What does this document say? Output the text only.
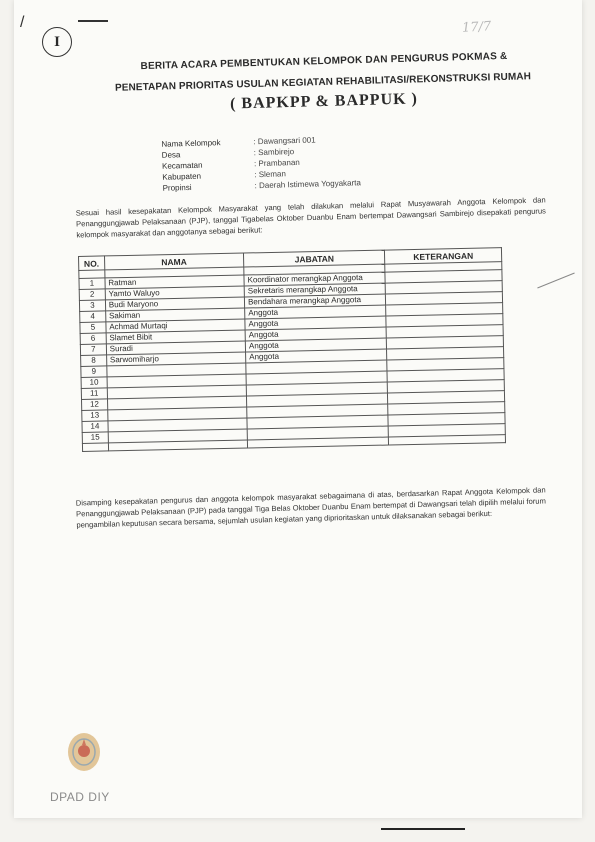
/
I
17/7
BERITA ACARA PEMBENTUKAN KELOMPOK DAN PENGURUS POKMAS &
PENETAPAN PRIORITAS USULAN KEGIATAN REHABILITASI/REKONSTRUKSI RUMAH
( BAPKPP & BAPPUK )
Nama Kelompok	: Dawangsari 001
Desa	: Sambirejo
Kecamatan	: Prambanan
Kabupaten	: Sleman
Propinsi	: Daerah Istimewa Yogyakarta
Sesuai hasil kesepakatan Kelompok Masyarakat yang telah dilakukan melalui Rapat Musyawarah Anggota Kelompok dan Penanggungjawab Pelaksanaan (PJP), tanggal Tigabelas Oktober Duanbu Enam bertempat Dawangsari Sambirejo disepakati pengurus kelompok masyarakat dan anggotanya sebagai berikut:
NO.	NAMA	JABATAN	KETERANGAN

1	Ratman	Koordinator merangkap Anggota	
2	Yamto Waluyo	Sekretaris merangkap Anggota	
3	Budi Maryono	Bendahara merangkap Anggota	
4	Sakiman	Anggota	
5	Achmad Murtaqi	Anggota	
6	Slamet Bibit	Anggota	
7	Suradi	Anggota	
8	Sarwomiharjo	Anggota	
9			
10			
11			
12			
13			
14			
15			

Disamping kesepakatan pengurus dan anggota kelompok masyarakat sebagaimana di atas, berdasarkan Rapat Anggota Kelompok dan Penanggungjawab Pelaksanaan (PJP) pada tanggal Tiga Belas Oktober Duanbu Enam bertempat di Dawangsari telah dipilih melalui forum pengambilan keputusan secara bersama, sejumlah usulan kegiatan yang diprioritaskan untuk dilaksanakan sebagai berikut:
DPAD DIY
